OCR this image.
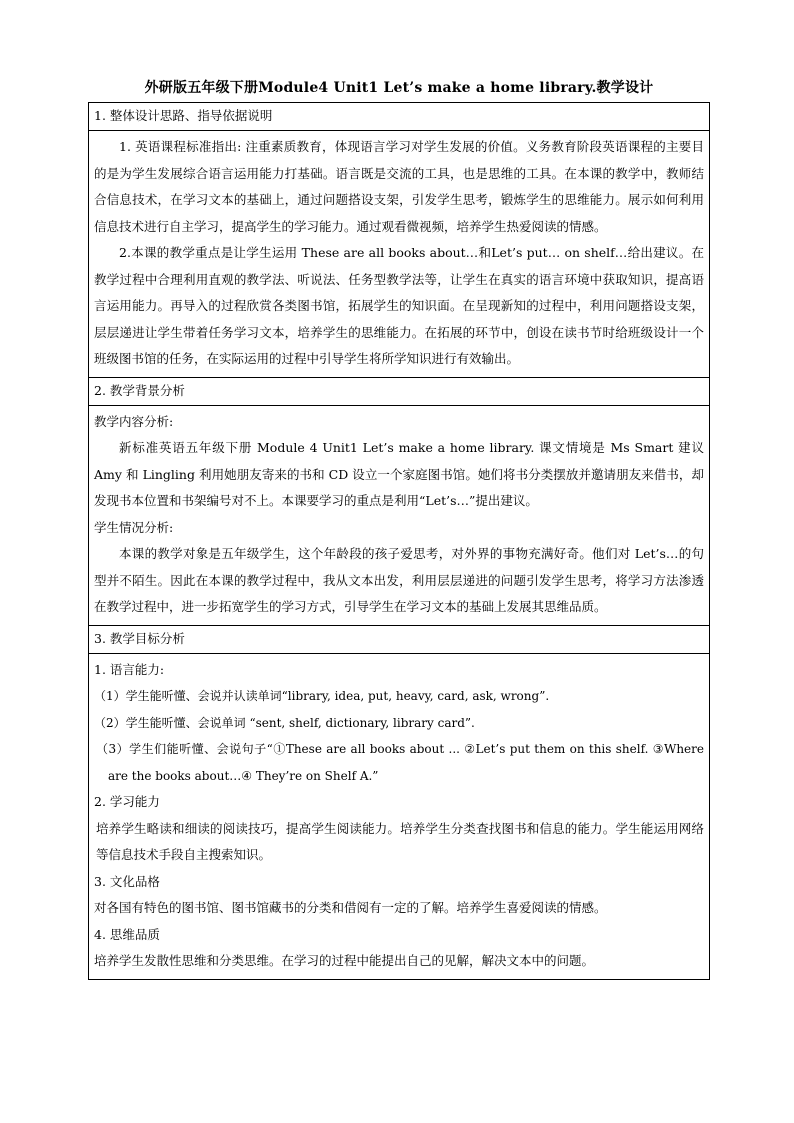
外研版五年级下册Module4 Unit1 Let’s make a home library.教学设计
1. 整体设计思路、指导依据说明

1. 英语课程标准指出: 注重素质教育，体现语言学习对学生发展的价值。义务教育阶段英语课程的主要目的是为学生发展综合语言运用能力打基础。语言既是交流的工具，也是思维的工具。在本课的教学中，教师结合信息技术，在学习文本的基础上，通过问题搭设支架，引发学生思考，锻炼学生的思维能力。展示如何利用信息技术进行自主学习，提高学生的学习能力。通过观看微视频，培养学生热爱阅读的情感。

2.本课的教学重点是让学生运用 These are all books about…和Let’s put… on shelf…给出建议。在教学过程中合理利用直观的教学法、听说法、任务型教学法等，让学生在真实的语言环境中获取知识，提高语言运用能力。再导入的过程欣赏各类图书馆，拓展学生的知识面。在呈现新知的过程中，利用问题搭设支架，层层递进让学生带着任务学习文本，培养学生的思维能力。在拓展的环节中，创设在读书节时给班级设计一个班级图书馆的任务，在实际运用的过程中引导学生将所学知识进行有效输出。

2. 教学背景分析

教学内容分析:

新标准英语五年级下册 Module 4 Unit1 Let’s make a home library. 课文情境是 Ms Smart 建议 Amy 和 Lingling 利用她朋友寄来的书和 CD 设立一个家庭图书馆。她们将书分类摆放并邀请朋友来借书，却发现书本位置和书架编号对不上。本课要学习的重点是利用“Let’s…”提出建议。

学生情况分析:

本课的教学对象是五年级学生，这个年龄段的孩子爱思考，对外界的事物充满好奇。他们对 Let’s…的句型并不陌生。因此在本课的教学过程中，我从文本出发，利用层层递进的问题引发学生思考，将学习方法渗透在教学过程中，进一步拓宽学生的学习方式，引导学生在学习文本的基础上发展其思维品质。

3. 教学目标分析

1. 语言能力:

（1）学生能听懂、会说并认读单词“library, idea, put, heavy, card, ask, wrong”.

（2）学生能听懂、会说单词 “sent, shelf, dictionary, library card”.

（3）学生们能听懂、会说句子“①These are all books about ... ②Let’s put them on this shelf. ③Where are the books about…④ They’re on Shelf A.”

2. 学习能力

培养学生略读和细读的阅读技巧，提高学生阅读能力。培养学生分类查找图书和信息的能力。学生能运用网络等信息技术手段自主搜索知识。

3. 文化品格

对各国有特色的图书馆、图书馆藏书的分类和借阅有一定的了解。培养学生喜爱阅读的情感。

4. 思维品质

培养学生发散性思维和分类思维。在学习的过程中能提出自己的见解，解决文本中的问题。
